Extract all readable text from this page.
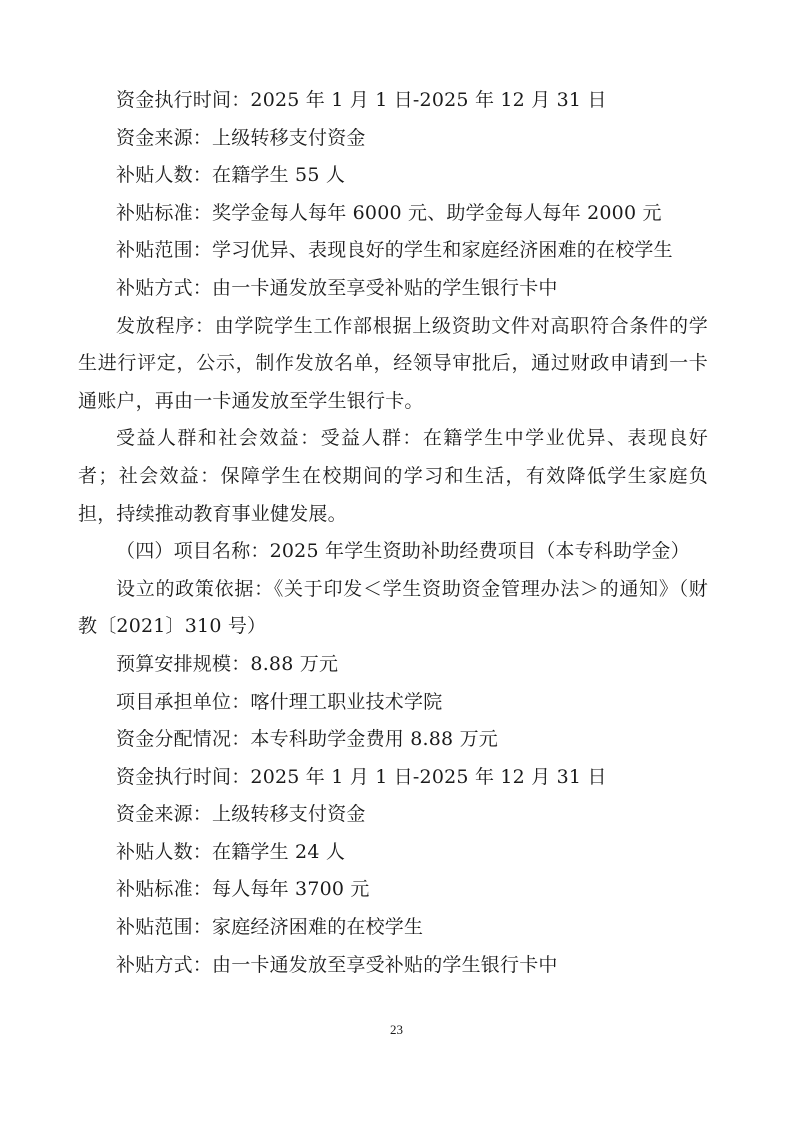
资金执行时间：2025 年 1 月 1 日-2025 年 12 月 31 日

资金来源：上级转移支付资金

补贴人数：在籍学生 55 人

补贴标准：奖学金每人每年 6000 元、助学金每人每年 2000 元

补贴范围：学习优异、表现良好的学生和家庭经济困难的在校学生

补贴方式：由一卡通发放至享受补贴的学生银行卡中

发放程序：由学院学生工作部根据上级资助文件对高职符合条件的学生进行评定，公示，制作发放名单，经领导审批后，通过财政申请到一卡通账户，再由一卡通发放至学生银行卡。

受益人群和社会效益：受益人群：在籍学生中学业优异、表现良好者；社会效益：保障学生在校期间的学习和生活，有效降低学生家庭负担，持续推动教育事业健发展。

（四）项目名称：2025 年学生资助补助经费项目（本专科助学金）

设立的政策依据：《关于印发＜学生资助资金管理办法＞的通知》（财教〔2021〕310 号）

预算安排规模：8.88 万元

项目承担单位：喀什理工职业技术学院

资金分配情况：本专科助学金费用 8.88 万元

资金执行时间：2025 年 1 月 1 日-2025 年 12 月 31 日

资金来源：上级转移支付资金

补贴人数：在籍学生 24 人

补贴标准：每人每年 3700 元

补贴范围：家庭经济困难的在校学生

补贴方式：由一卡通发放至享受补贴的学生银行卡中

23
